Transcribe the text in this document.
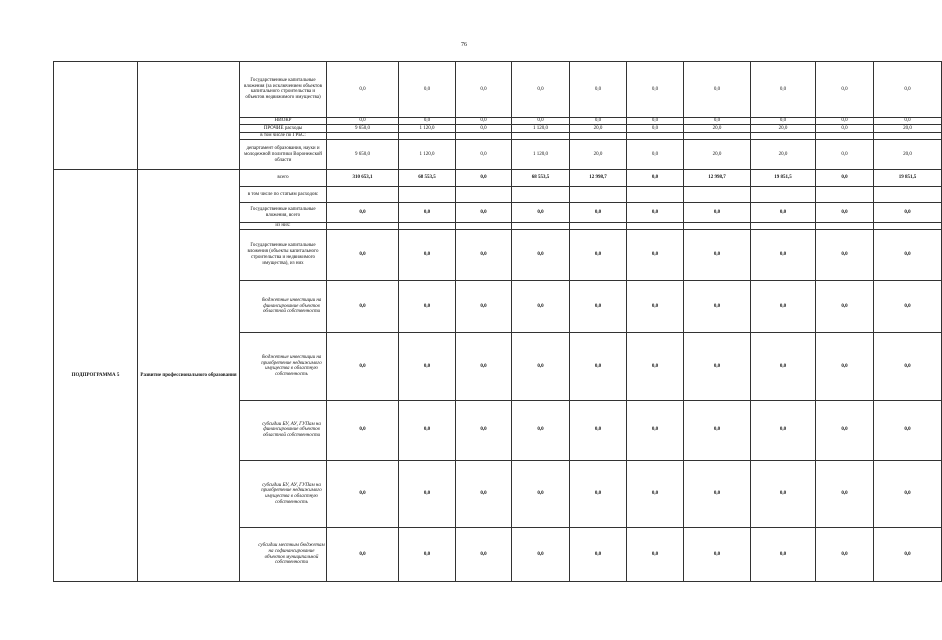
76
		Государственные капитальные вложения (за исключением объектов капитального строительства и объектов недвижимого имущества)	0,0	0,0	0,0	0,0	0,0	0,0	0,0	0,0	0,0	0,0
		НИОКР	0,0	0,0	0,0	0,0	0,0	0,0	0,0	0,0	0,0	0,0
		ПРОЧИЕ расходы	9 650,0	1 120,0	0,0	1 120,0	20,0	0,0	20,0	20,0	0,0	20,0
		в том числе по ГРБС:										
		департамент образования, науки и молодежной политики Воронежской области	9 650,0	1 120,0	0,0	1 120,0	20,0	0,0	20,0	20,0	0,0	20,0
ПОДПРОГРАММА 5	Развитие профессионального образования	всего	310 653,1	68 553,5	0,0	68 553,5	12 998,7	0,0	12 998,7	19 851,5	0,0	19 851,5
		в том числе по статьям расходов:										
		Государственные капитальные вложения, всего	0,0	0,0	0,0	0,0	0,0	0,0	0,0	0,0	0,0	0,0
		из них:										
		Государственные капитальные вложения (объекты капитального строительства и недвижимого имущества), из них	0,0	0,0	0,0	0,0	0,0	0,0	0,0	0,0	0,0	0,0
		бюджетные инвестиции на финансирование объектов областной собственности	0,0	0,0	0,0	0,0	0,0	0,0	0,0	0,0	0,0	0,0
		бюджетные инвестиции на приобретение недвижимого имущества в областную собственность	0,0	0,0	0,0	0,0	0,0	0,0	0,0	0,0	0,0	0,0
		субсидии БУ, АУ, ГУПам на финансирование объектов областной собственности	0,0	0,0	0,0	0,0	0,0	0,0	0,0	0,0	0,0	0,0
		субсидии БУ, АУ, ГУПам на приобретение недвижимого имущества в областную собственность	0,0	0,0	0,0	0,0	0,0	0,0	0,0	0,0	0,0	0,0
		субсидии местным бюджетам на софинансирование объектов муниципальной собственности	0,0	0,0	0,0	0,0	0,0	0,0	0,0	0,0	0,0	0,0
